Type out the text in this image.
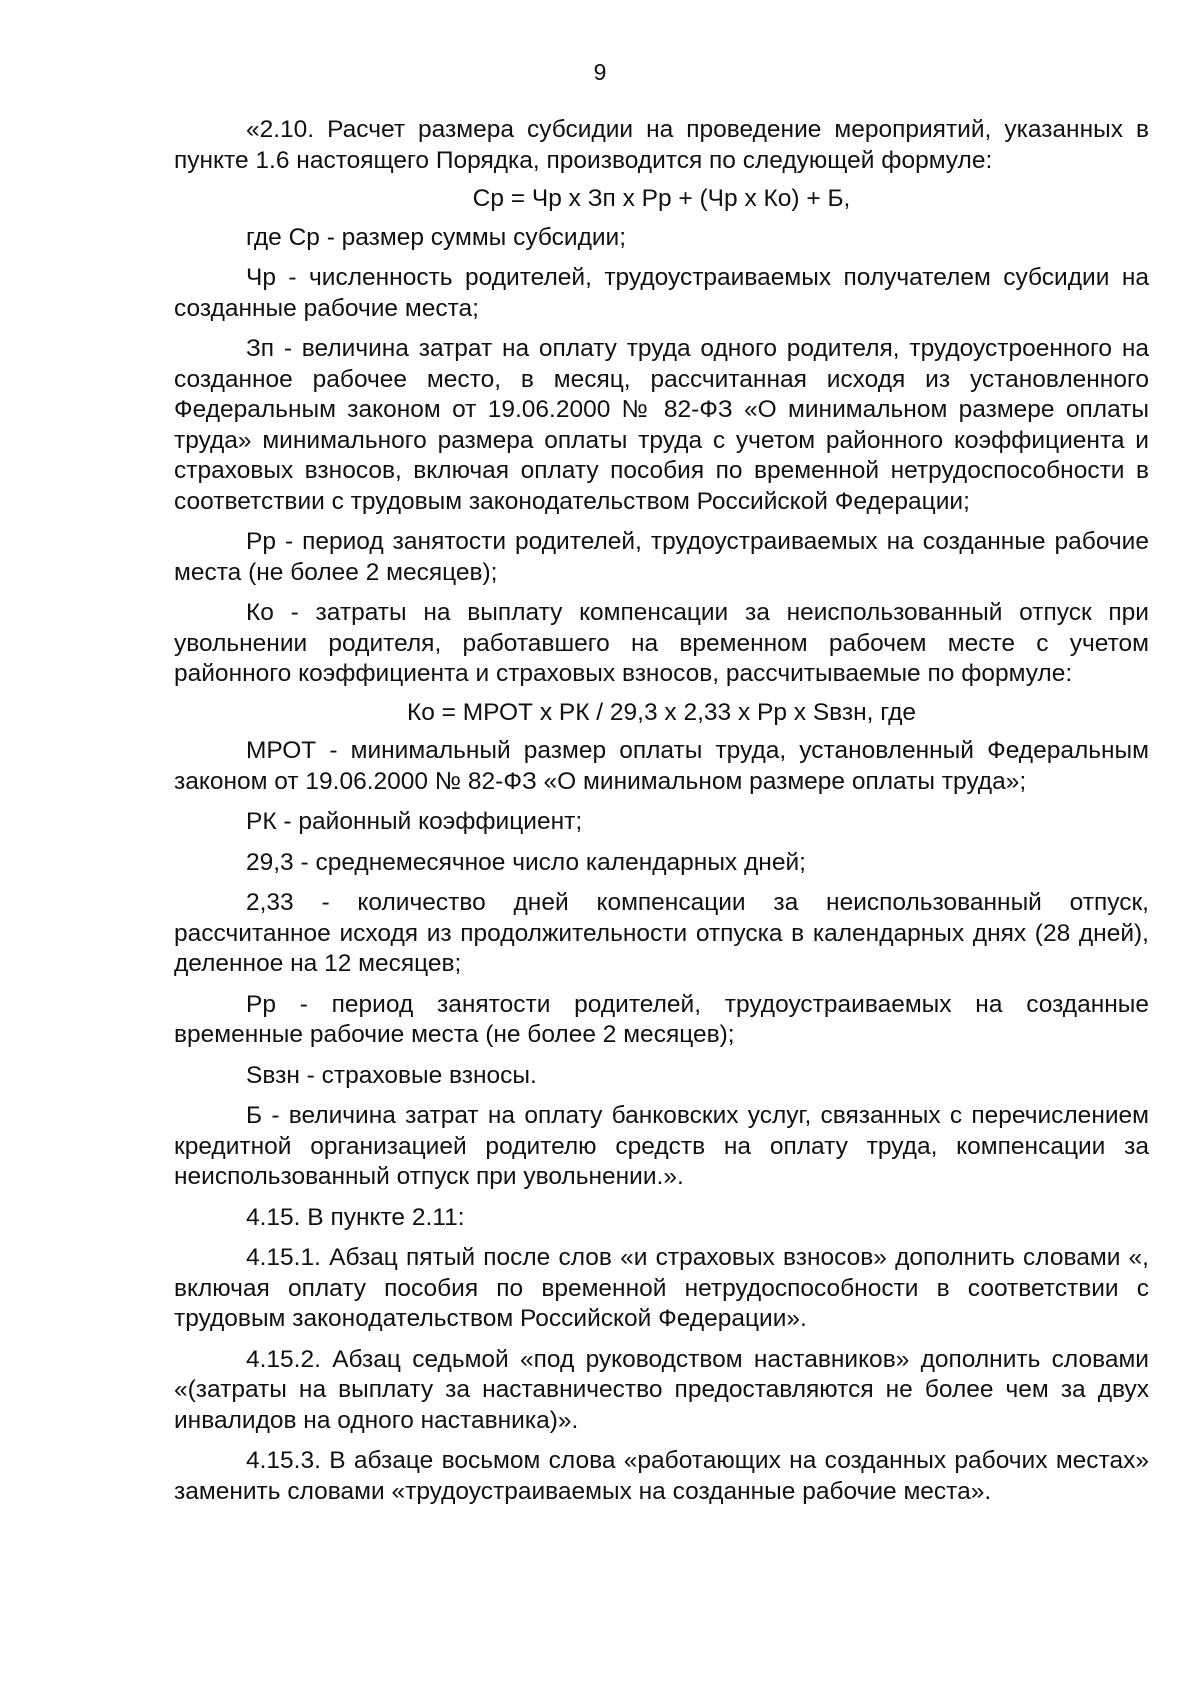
9

«2.10. Расчет размера субсидии на проведение мероприятий, указанных в пункте 1.6 настоящего Порядка, производится по следующей формуле:

Ср = Чр х Зп х Рр + (Чр х Ко) + Б,

где Ср - размер суммы субсидии;

Чр - численность родителей, трудоустраиваемых получателем субсидии на созданные рабочие места;

Зп - величина затрат на оплату труда одного родителя, трудоустроенного на созданное рабочее место, в месяц, рассчитанная исходя из установленного Федеральным законом от 19.06.2000 № 82-ФЗ «О минимальном размере оплаты труда» минимального размера оплаты труда с учетом районного коэффициента и страховых взносов, включая оплату пособия по временной нетрудоспособности в соответствии с трудовым законодательством Российской Федерации;

Рр - период занятости родителей, трудоустраиваемых на созданные рабочие места (не более 2 месяцев);

Ко - затраты на выплату компенсации за неиспользованный отпуск при увольнении родителя, работавшего на временном рабочем месте с учетом районного коэффициента и страховых взносов, рассчитываемые по формуле:

Ко = МРОТ х РК / 29,3 х 2,33 х Рр х Sвзн, где

МРОТ - минимальный размер оплаты труда, установленный Федеральным законом от 19.06.2000 № 82-ФЗ «О минимальном размере оплаты труда»;

РК - районный коэффициент;

29,3 - среднемесячное число календарных дней;

2,33 - количество дней компенсации за неиспользованный отпуск, рассчитанное исходя из продолжительности отпуска в календарных днях (28 дней), деленное на 12 месяцев;

Рр - период занятости родителей, трудоустраиваемых на созданные временные рабочие места (не более 2 месяцев);

Sвзн - страховые взносы.

Б - величина затрат на оплату банковских услуг, связанных с перечислением кредитной организацией родителю средств на оплату труда, компенсации за неиспользованный отпуск при увольнении.».

4.15. В пункте 2.11:

4.15.1. Абзац пятый после слов «и страховых взносов» дополнить словами «, включая оплату пособия по временной нетрудоспособности в соответствии с трудовым законодательством Российской Федерации».

4.15.2. Абзац седьмой «под руководством наставников» дополнить словами «(затраты на выплату за наставничество предоставляются не более чем за двух инвалидов на одного наставника)».

4.15.3. В абзаце восьмом слова «работающих на созданных рабочих местах» заменить словами «трудоустраиваемых на созданные рабочие места».
